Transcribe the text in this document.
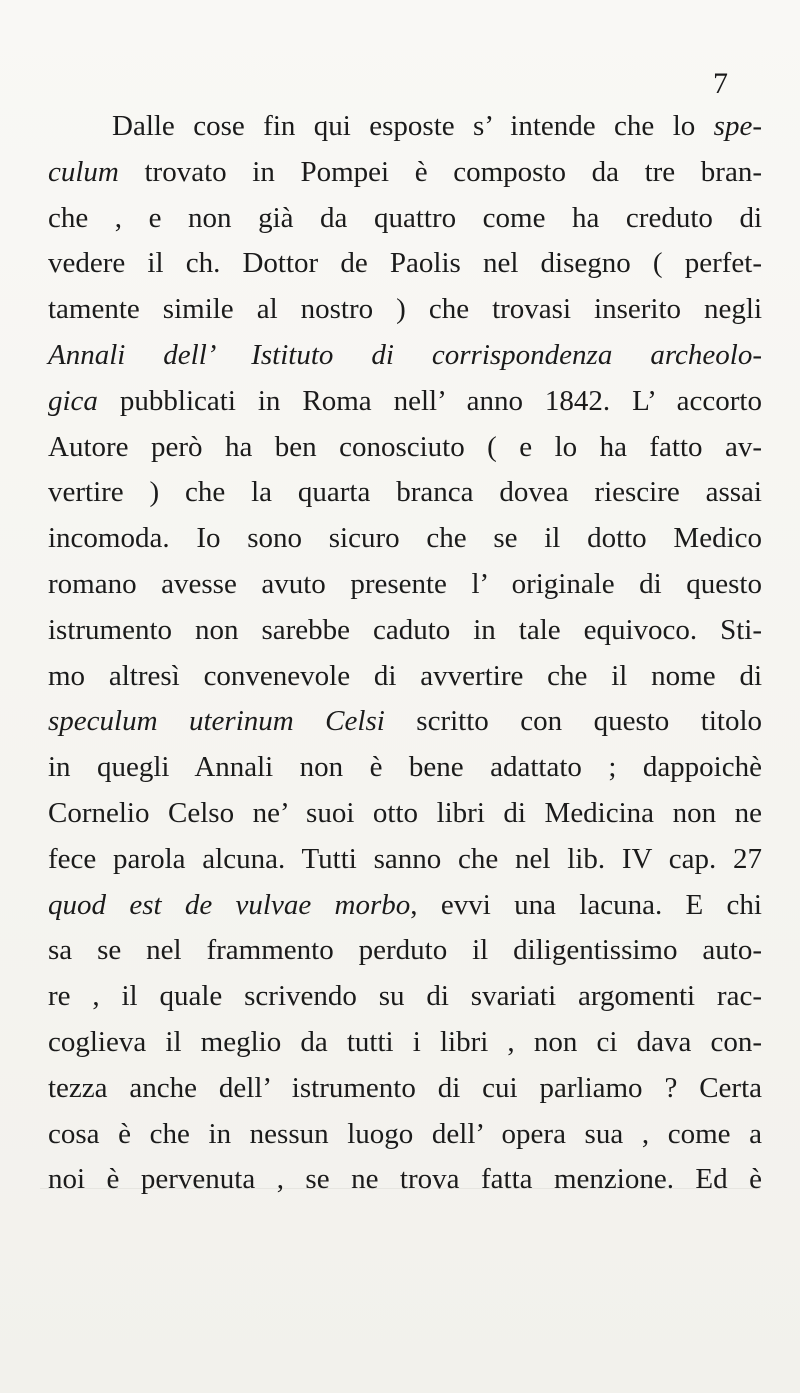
7
Dalle cose fin qui esposte s’ intende che lo spe-
culum trovato in Pompei è composto da tre bran-
che , e non già da quattro come ha creduto di
vedere il ch. Dottor de Paolis nel disegno ( perfet-
tamente simile al nostro ) che trovasi inserito negli
Annali dell’ Istituto di corrispondenza archeolo-
gica pubblicati in Roma nell’ anno 1842. L’ accorto
Autore però ha ben conosciuto ( e lo ha fatto av-
vertire ) che la quarta branca dovea riescire assai
incomoda. Io sono sicuro che se il dotto Medico
romano avesse avuto presente l’ originale di questo
istrumento non sarebbe caduto in tale equivoco. Sti-
mo altresì convenevole di avvertire che il nome di
speculum uterinum Celsi scritto con questo titolo
in quegli Annali non è bene adattato ; dappoichè
Cornelio Celso ne’ suoi otto libri di Medicina non ne
fece parola alcuna. Tutti sanno che nel lib. IV cap. 27
quod est de vulvae morbo, evvi una lacuna. E chi
sa se nel frammento perduto il diligentissimo auto-
re , il quale scrivendo su di svariati argomenti rac-
coglieva il meglio da tutti i libri , non ci dava con-
tezza anche dell’ istrumento di cui parliamo ? Certa
cosa è che in nessun luogo dell’ opera sua , come a
noi è pervenuta , se ne trova fatta menzione. Ed è
